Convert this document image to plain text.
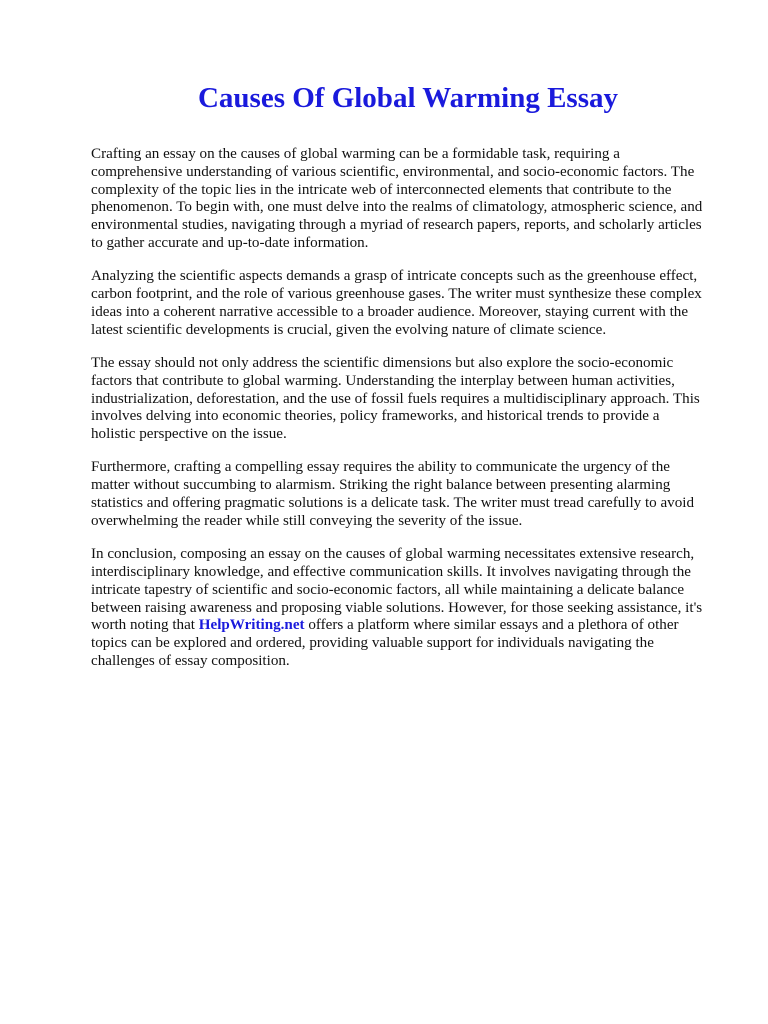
Causes Of Global Warming Essay

Crafting an essay on the causes of global warming can be a formidable task, requiring a
comprehensive understanding of various scientific, environmental, and socio-economic factors. The
complexity of the topic lies in the intricate web of interconnected elements that contribute to the
phenomenon. To begin with, one must delve into the realms of climatology, atmospheric science, and
environmental studies, navigating through a myriad of research papers, reports, and scholarly articles
to gather accurate and up-to-date information.

Analyzing the scientific aspects demands a grasp of intricate concepts such as the greenhouse effect,
carbon footprint, and the role of various greenhouse gases. The writer must synthesize these complex
ideas into a coherent narrative accessible to a broader audience. Moreover, staying current with the
latest scientific developments is crucial, given the evolving nature of climate science.

The essay should not only address the scientific dimensions but also explore the socio-economic
factors that contribute to global warming. Understanding the interplay between human activities,
industrialization, deforestation, and the use of fossil fuels requires a multidisciplinary approach. This
involves delving into economic theories, policy frameworks, and historical trends to provide a
holistic perspective on the issue.

Furthermore, crafting a compelling essay requires the ability to communicate the urgency of the
matter without succumbing to alarmism. Striking the right balance between presenting alarming
statistics and offering pragmatic solutions is a delicate task. The writer must tread carefully to avoid
overwhelming the reader while still conveying the severity of the issue.

In conclusion, composing an essay on the causes of global warming necessitates extensive research,
interdisciplinary knowledge, and effective communication skills. It involves navigating through the
intricate tapestry of scientific and socio-economic factors, all while maintaining a delicate balance
between raising awareness and proposing viable solutions. However, for those seeking assistance, it's
worth noting that HelpWriting.net offers a platform where similar essays and a plethora of other
topics can be explored and ordered, providing valuable support for individuals navigating the
challenges of essay composition.
